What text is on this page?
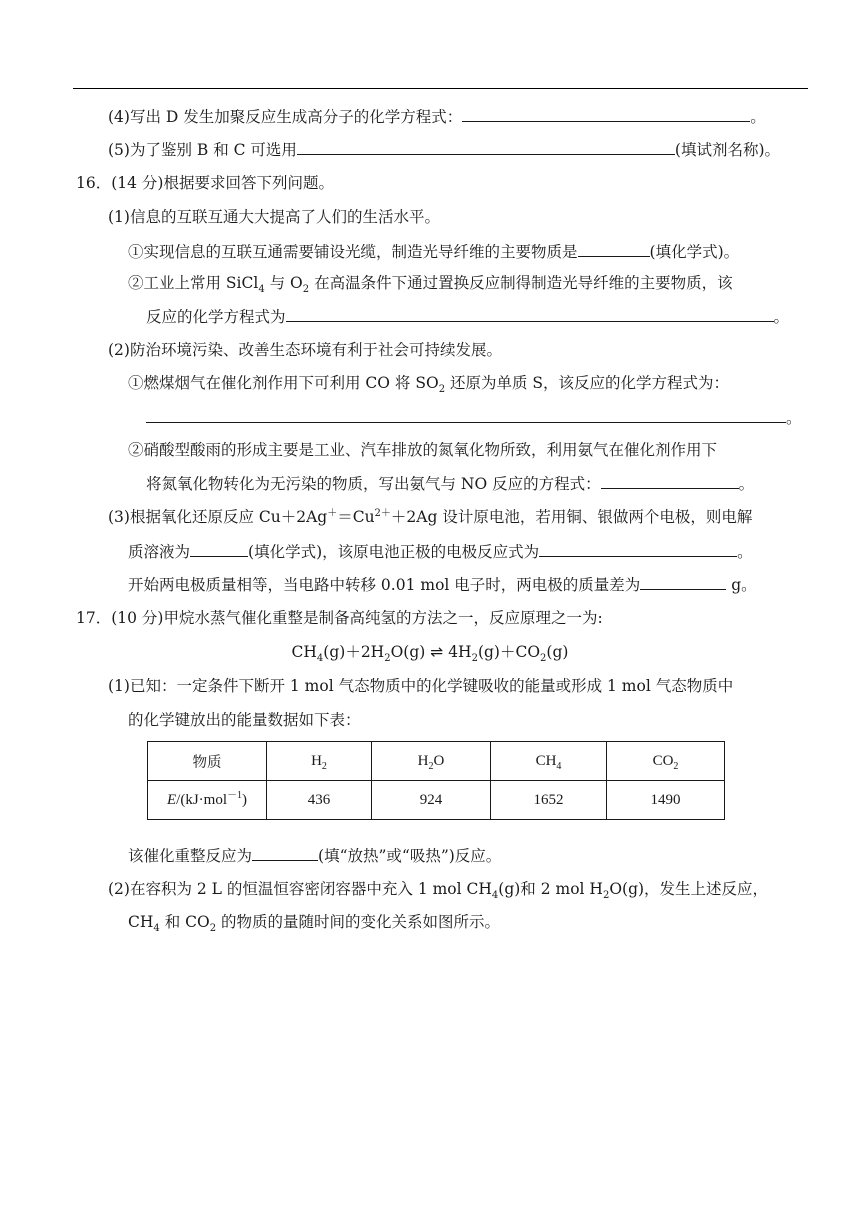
(4)写出 D 发生加聚反应生成高分子的化学方程式：	。
(5)为了鉴别 B 和 C 可选用	(填试剂名称)。
16．(14 分)根据要求回答下列问题。
(1)信息的互联互通大大提高了人们的生活水平。
①实现信息的互联互通需要铺设光缆，制造光导纤维的主要物质是	(填化学式)。
②工业上常用 SiCl$_4$ 与 $O_2$ 在高温条件下通过置换反应制得制造光导纤维的主要物质，该
反应的化学方程式为	。
(2)防治环境污染、改善生态环境有利于社会可持续发展。
①燃煤烟气在催化剂作用下可利用 CO 将 $SO_2$ 还原为单质 S，该反应的化学方程式为：
。
②硝酸型酸雨的形成主要是工业、汽车排放的氮氧化物所致，利用氨气在催化剂作用下
将氮氧化物转化为无污染的物质，写出氨气与 NO 反应的方程式：	。
(3)根据氧化还原反应 $Cu+2Ag^+=Cu^{2+}+2Ag$ 设计原电池，若用铜、银做两个电极，则电解
质溶液为	(填化学式)，该原电池正极的电极反应式为	。
开始两电极质量相等，当电路中转移 0.01 mol 电子时，两电极的质量差为	g。
17．(10 分)甲烷水蒸气催化重整是制备高纯氢的方法之一，反应原理之一为:
$CH_4(g)+2H_2O(g)$ ⇌ $4H_2(g)+CO_2(g)$
(1)已知：一定条件下断开 1 mol 气态物质中的化学键吸收的能量或形成 1 mol 气态物质中
的化学键放出的能量数据如下表：
物质	$H_2$	$H_2O$	$CH_4$	$CO_2$
E/(kJ·mol$^{-1}$)	436	924	1652	1490
该催化重整反应为	(填“放热”或“吸热”)反应。
(2)在容积为 2 L 的恒温恒容密闭容器中充入 1 mol $CH_4(g)$和 2 mol $H_2O(g)$，发生上述反应，
$CH_4$ 和 $CO_2$ 的物质的量随时间的变化关系如图所示。
